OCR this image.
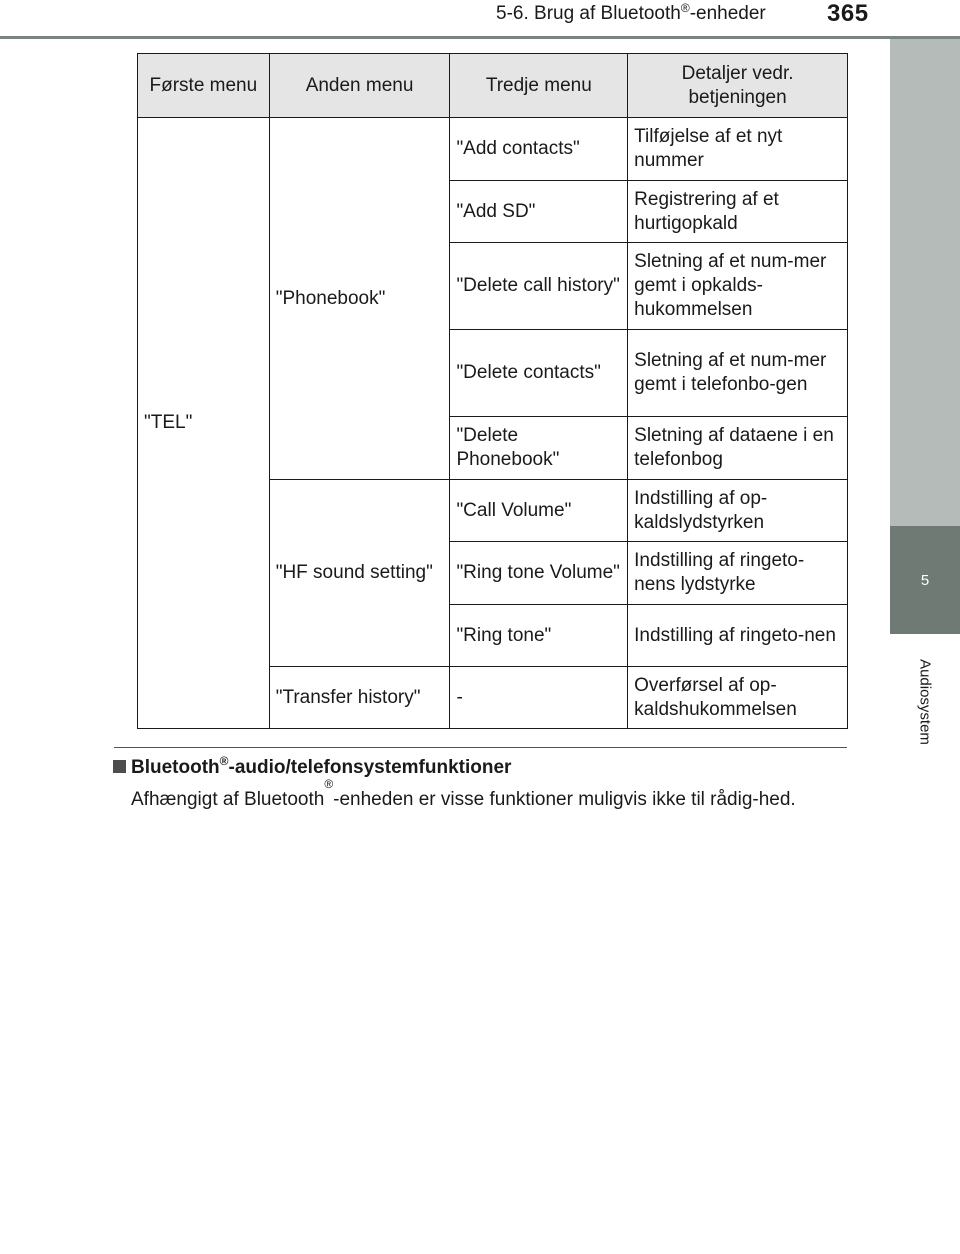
5-6. Brug af Bluetooth®-enheder	365
5
Audiosystem
Første menu	Anden menu	Tredje menu	Detaljer vedr. betjeningen
"TEL"	"Phonebook"	"Add contacts"	Tilføjelse af et nyt nummer
		"Add SD"	Registrering af et hurtigopkald
		"Delete call history"	Sletning af et num-mer gemt i opkalds-hukommelsen
		"Delete contacts"	Sletning af et num-mer gemt i telefonbo-gen
		"Delete Phonebook"	Sletning af dataene i en telefonbog
	"HF sound setting"	"Call Volume"	Indstilling af op-kaldslydstyrken
		"Ring tone Volume"	Indstilling af ringeto-nens lydstyrke
		"Ring tone"	Indstilling af ringeto-nen
	"Transfer history"	-	Overførsel af op-kaldshukommelsen
Bluetooth®-audio/telefonsystemfunktioner
Afhængigt af Bluetooth®-enheden er visse funktioner muligvis ikke til rådig-hed.
